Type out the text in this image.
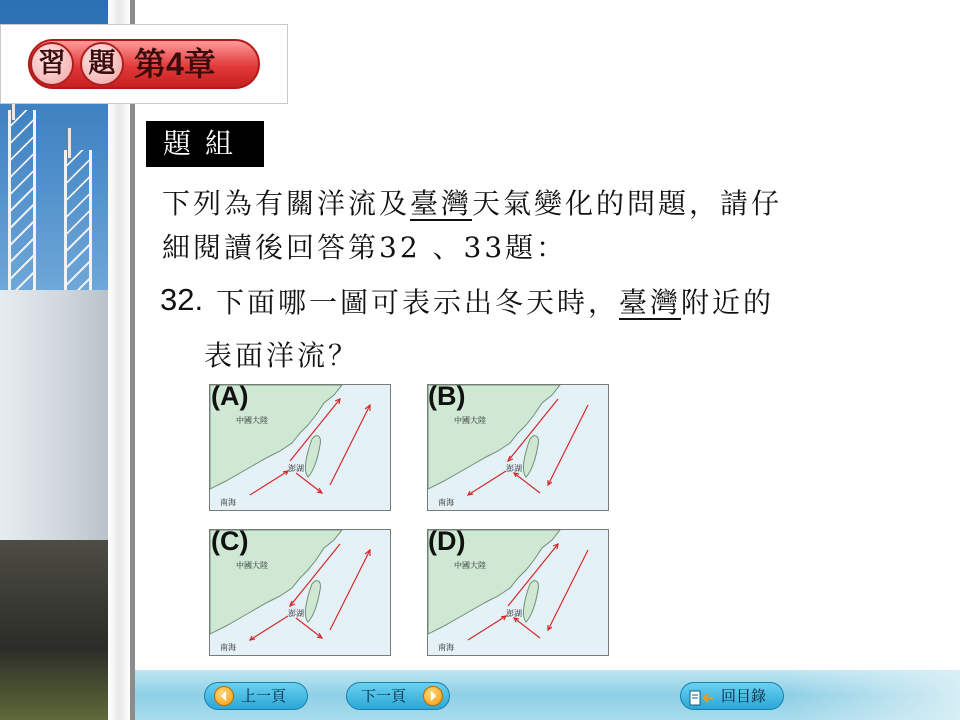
習 題 第4章
題組
下列為有關洋流及臺灣天氣變化的問題，請仔
細閱讀後回答第32 、33題：
32. 下面哪一圖可表示出冬天時，臺灣附近的
表面洋流？
中國大陸
澎湖
南海
(A)
中國大陸
澎湖
南海
(B)
中國大陸
澎湖
南海
(C)
中國大陸
澎湖
南海
(D)
上一頁	下一頁	回目錄
